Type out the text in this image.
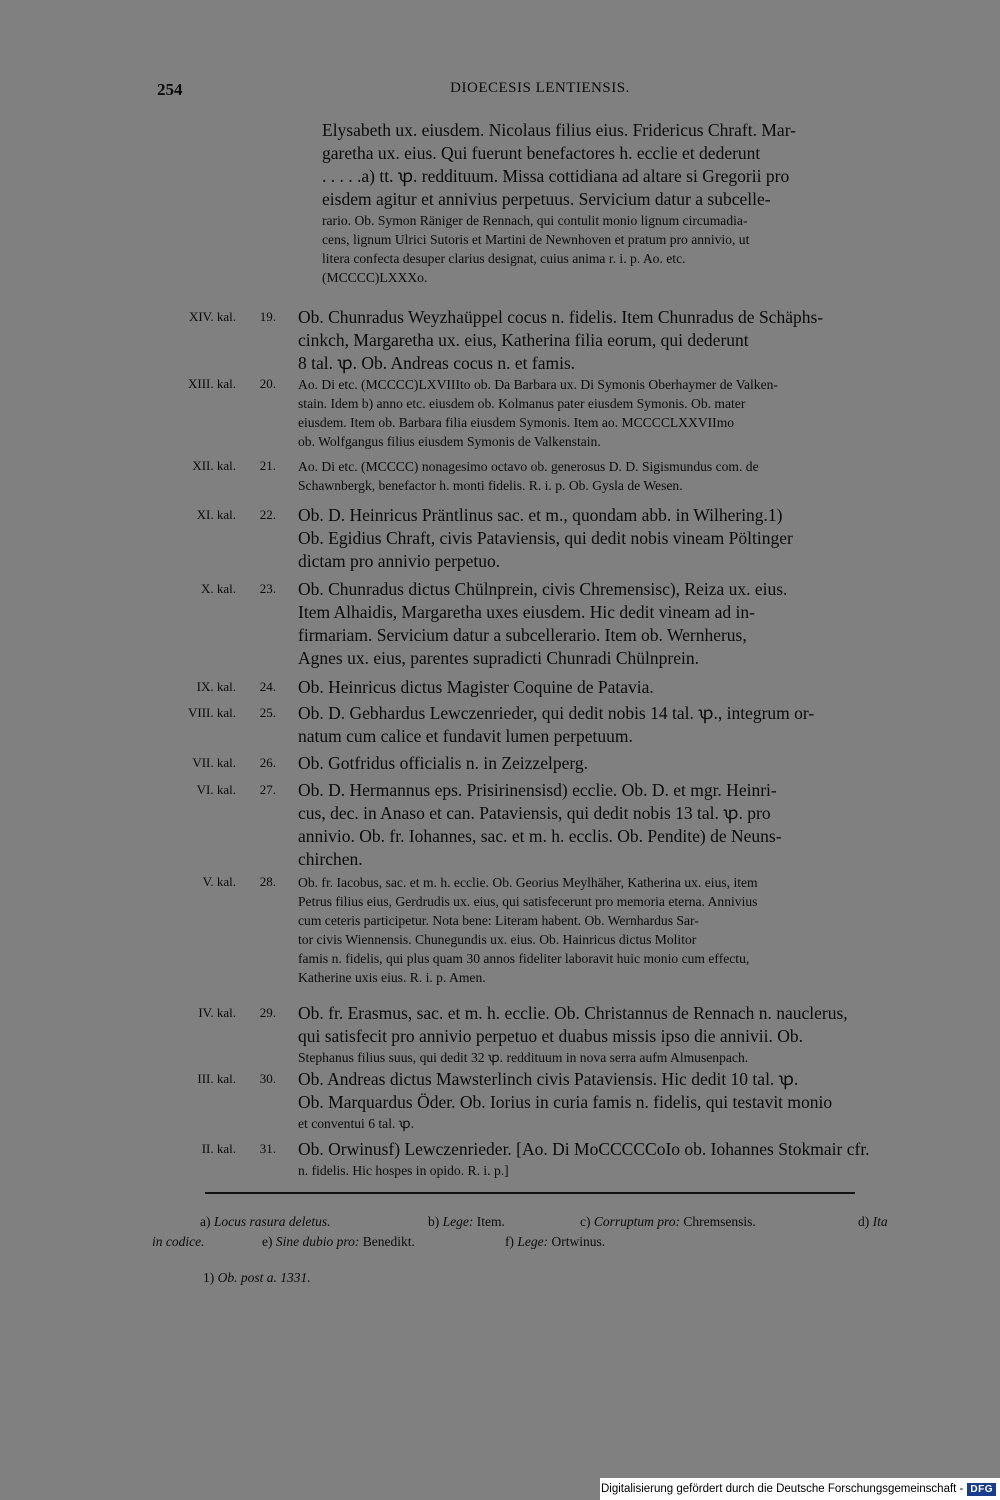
254	DIOECESIS LENTIENSIS.
Elysabeth ux. eiusdem. Nicolaus filius eius. Fridericus Chraft. Mar-
garetha ux. eius. Qui fuerunt benefactores h. ecclie et dederunt
. . . . .a) tt. ꝕ. reddituum. Missa cottidiana ad altare si Gregorii pro
eisdem agitur et annivius perpetuus. Servicium datur a subcelle-
rario. Ob. Symon Räniger de Rennach, qui contulit monio lignum circumadia-
cens, lignum Ulrici Sutoris et Martini de Newnhoven et pratum pro annivio, ut
litera confecta desuper clarius designat, cuius anima r. i. p. Ao. etc.
(MCCCC)LXXXo.
XIV. kal.	19. Ob. Chunradus Weyzhaüppel cocus n. fidelis. Item Chunradus de Schäphs-
cinkch, Margaretha ux. eius, Katherina filia eorum, qui dederunt
8 tal. ꝕ. Ob. Andreas cocus n. et famis.
XIII. kal.	20. Ao. Di etc. (MCCCC)LXVIIIto ob. Da Barbara ux. Di Symonis Oberhaymer de Valken-
stain. Idem b) anno etc. eiusdem ob. Kolmanus pater eiusdem Symonis. Ob. mater
eiusdem. Item ob. Barbara filia eiusdem Symonis. Item ao. MCCCCLXXVIImo
ob. Wolfgangus filius eiusdem Symonis de Valkenstain.
XII. kal.	21. Ao. Di etc. (MCCCC) nonagesimo octavo ob. generosus D. D. Sigismundus com. de
Schawnbergk, benefactor h. monti fidelis. R. i. p. Ob. Gysla de Wesen.
XI. kal.	22. Ob. D. Heinricus Präntlinus sac. et m., quondam abb. in Wilhering.1)
Ob. Egidius Chraft, civis Pataviensis, qui dedit nobis vineam Pöltinger
dictam pro annivio perpetuo.
X. kal.	23. Ob. Chunradus dictus Chülnprein, civis Chremensisc), Reiza ux. eius.
Item Alhaidis, Margaretha uxes eiusdem. Hic dedit vineam ad in-
firmariam. Servicium datur a subcellerario. Item ob. Wernherus,
Agnes ux. eius, parentes supradicti Chunradi Chülnprein.
IX. kal.	24. Ob. Heinricus dictus Magister Coquine de Patavia.
VIII. kal.	25. Ob. D. Gebhardus Lewczenrieder, qui dedit nobis 14 tal. ꝕ., integrum or-
natum cum calice et fundavit lumen perpetuum.
VII. kal.	26. Ob. Gotfridus officialis n. in Zeizzelperg.
VI. kal.	27. Ob. D. Hermannus eps. Prisirinensisd) ecclie. Ob. D. et mgr. Heinri-
cus, dec. in Anaso et can. Pataviensis, qui dedit nobis 13 tal. ꝕ. pro
annivio. Ob. fr. Iohannes, sac. et m. h. ecclis. Ob. Pendite) de Neuns-
chirchen.
V. kal.	28. Ob. fr. Iacobus, sac. et m. h. ecclie. Ob. Georius Meylhäher, Katherina ux. eius, item
Petrus filius eius, Gerdrudis ux. eius, qui satisfecerunt pro memoria eterna. Annivius
cum ceteris participetur. Nota bene: Literam habent. Ob. Wernhardus Sar-
tor civis Wiennensis. Chunegundis ux. eius. Ob. Hainricus dictus Molitor
famis n. fidelis, qui plus quam 30 annos fideliter laboravit huic monio cum effectu,
Katherine uxis eius. R. i. p. Amen.
IV. kal.	29. Ob. fr. Erasmus, sac. et m. h. ecclie. Ob. Christannus de Rennach n. nauclerus,
qui satisfecit pro annivio perpetuo et duabus missis ipso die annivii. Ob.
Stephanus filius suus, qui dedit 32 ꝕ. reddituum in nova serra aufm Almusenpach.
III. kal.	30. Ob. Andreas dictus Mawsterlinch civis Pataviensis. Hic dedit 10 tal. ꝕ.
Ob. Marquardus Öder. Ob. Iorius in curia famis n. fidelis, qui testavit monio
et conventui 6 tal. ꝕ.
II. kal.	31. Ob. Orwinusf) Lewczenrieder. [Ao. Di MoCCCCCoIo ob. Iohannes Stokmair cfr.
n. fidelis. Hic hospes in opido. R. i. p.]
a) Locus rasura deletus.	b) Lege: Item.	c) Corruptum pro: Chremsensis.	d) Ita
in codice.	e) Sine dubio pro: Benedikt.	f) Lege: Ortwinus.
1) Ob. post a. 1331.
Digitalisierung gefördert durch die Deutsche Forschungsgemeinschaft - DFG
